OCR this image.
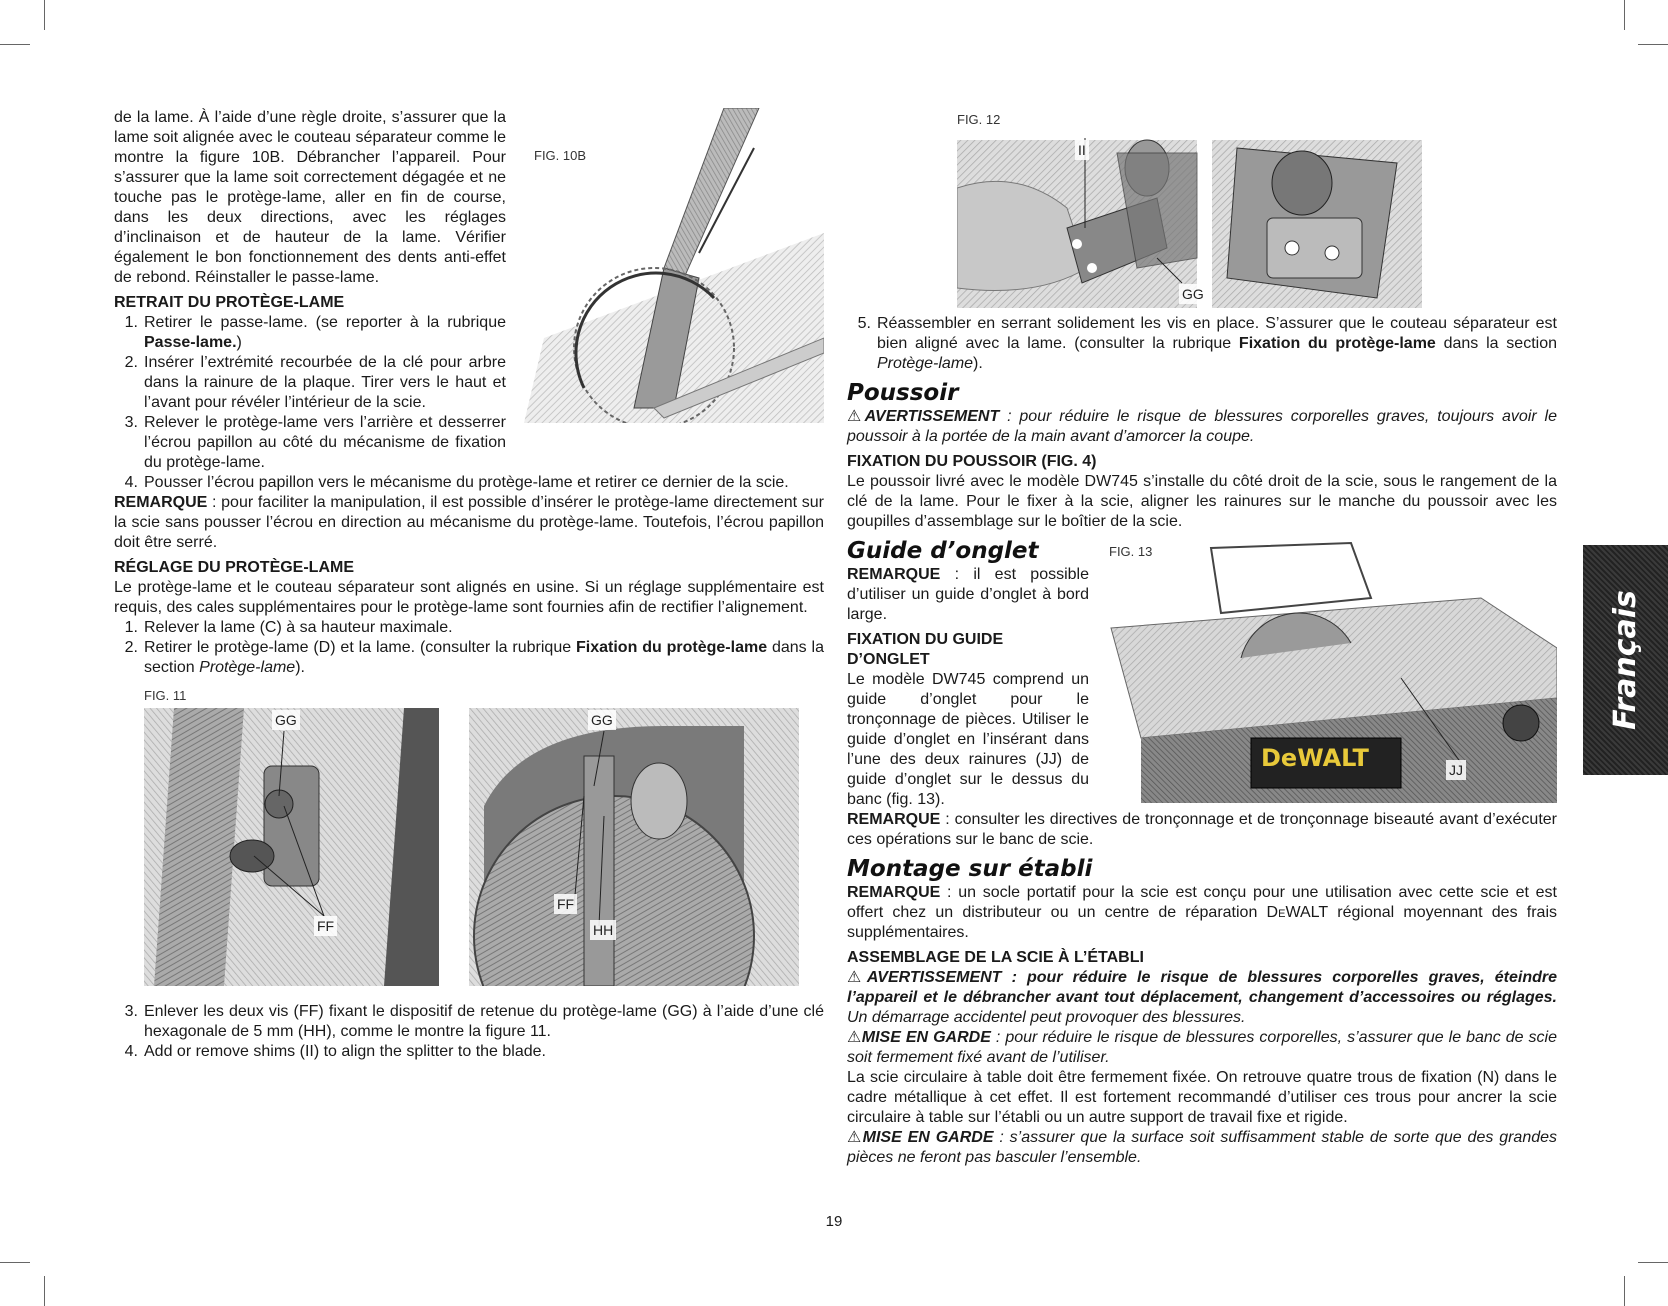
FIG. 10B

de la lame. À l’aide d’une règle droite, s’assurer que la lame soit alignée avec le couteau séparateur comme le montre la figure 10B. Débrancher l’appareil. Pour s’assurer que la lame soit correctement dégagée et ne touche pas le protège-lame, aller en fin de course, dans les deux directions, avec les réglages d’inclinaison et de hauteur de la lame. Vérifier également le bon fonctionnement des dents anti-effet de rebond. Réinstaller le passe-lame.

RETRAIT DU PROTÈGE-LAME
1. Retirer le passe-lame. (se reporter à la rubrique Passe-lame.)
2. Insérer l’extrémité recourbée de la clé pour arbre dans la rainure de la plaque. Tirer vers le haut et l’avant pour révéler l’intérieur de la scie.
3. Relever le protège-lame vers l’arrière et desserrer l’écrou papillon au côté du mécanisme de fixation du protège-lame.
4. Pousser l’écrou papillon vers le mécanisme du protège-lame et retirer ce dernier de la scie.

REMARQUE : pour faciliter la manipulation, il est possible d’insérer le protège-lame directement sur la scie sans pousser l’écrou en direction au mécanisme du protège-lame. Toutefois, l’écrou papillon doit être serré.

RÉGLAGE DU PROTÈGE-LAME

Le protège-lame et le couteau séparateur sont alignés en usine. Si un réglage supplémentaire est requis, des cales supplémentaires pour le protège-lame sont fournies afin de rectifier l’alignement.

1. Relever la lame (C) à sa hauteur maximale.
2. Retirer le protège-lame (D) et la lame. (consulter la rubrique Fixation du protège-lame dans la section Protège-lame).
FIG. 11
GG
FF
GG
FF
HH
3. Enlever les deux vis (FF) fixant le dispositif de retenue du protège-lame (GG) à l’aide d’une clé hexagonale de 5 mm (HH), comme le montre la figure 11.
4. Add or remove shims (II) to align the splitter to the blade.
FIG. 12
II
GG
5. Réassembler en serrant solidement les vis en place. S’assurer que le couteau séparateur est bien aligné avec la lame. (consulter la rubrique Fixation du protège-lame dans la section Protège-lame).
Poussoir

⚠AVERTISSEMENT : pour réduire le risque de blessures corporelles graves, toujours avoir le poussoir à la portée de la main avant d’amorcer la coupe.

FIXATION DU POUSSOIR (FIG. 4)

Le poussoir livré avec le modèle DW745 s’installe du côté droit de la scie, sous le rangement de la clé de la lame. Pour le fixer à la scie, aligner les rainures sur le manche du poussoir avec les goupilles d’assemblage sur le boîtier de la scie.

FIG. 13
DeWALT	JJ
Guide d’onglet

REMARQUE : il est possible d’utiliser un guide d’onglet à bord large.

FIXATION DU GUIDE D’ONGLET

Le modèle DW745 comprend un guide d’onglet pour le tronçonnage de pièces. Utiliser le guide d’onglet en l’insérant dans l’une des deux rainures (JJ) de guide d’onglet sur le dessus du banc (fig. 13).

REMARQUE : consulter les directives de tronçonnage et de tronçonnage biseauté avant d’exécuter ces opérations sur le banc de scie.

Montage sur établi

REMARQUE : un socle portatif pour la scie est conçu pour une utilisation avec cette scie et est offert chez un distributeur ou un centre de réparation DeWALT régional moyennant des frais supplémentaires.

ASSEMBLAGE DE LA SCIE À L’ÉTABLI

⚠AVERTISSEMENT : pour réduire le risque de blessures corporelles graves, éteindre l’appareil et le débrancher avant tout déplacement, changement d’accessoires ou réglages. Un démarrage accidentel peut provoquer des blessures.

⚠MISE EN GARDE : pour réduire le risque de blessures corporelles, s’assurer que le banc de scie soit fermement fixé avant de l’utiliser.

La scie circulaire à table doit être fermement fixée. On retrouve quatre trous de fixation (N) dans le cadre métallique à cet effet. Il est fortement recommandé d’utiliser ces trous pour ancrer la scie circulaire à table sur l’établi ou un autre support de travail fixe et rigide.

⚠MISE EN GARDE : s’assurer que la surface soit suffisamment stable de sorte que des grandes pièces ne feront pas basculer l’ensemble.

Français
19
